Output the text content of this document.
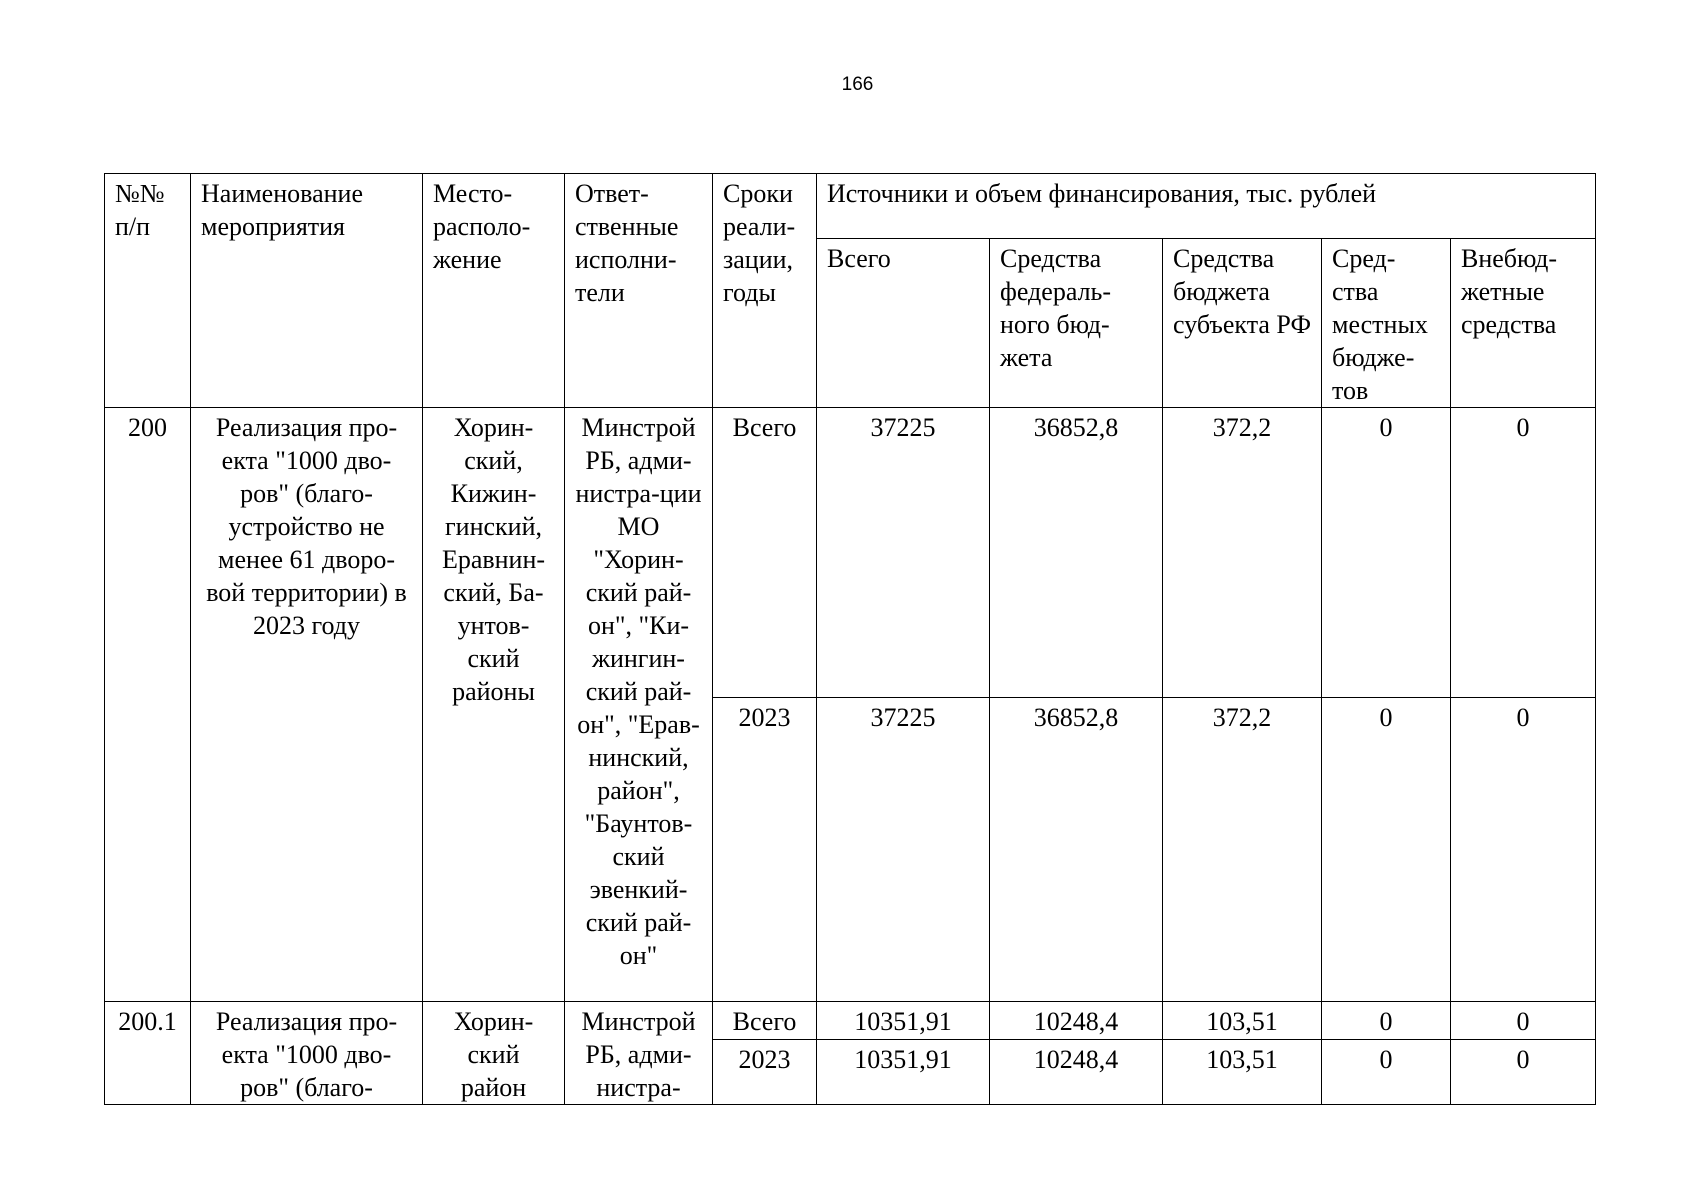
166
№№ п/п	Наименование мероприятия	Место-располо-жение	Ответ-ственные исполни-тели	Сроки реали-зации, годы	Источники и объем финансирования, тыс. рублей				
					Всего	Средства федераль-ного бюд-жета	Средства бюджета субъекта РФ	Сред-ства местных бюдже-тов	Внебюд-жетные средства
200	Реализация про-екта "1000 дво-ров" (благо-устройство не менее 61 дворо-вой территории) в 2023 году	Хорин-ский, Кижин-гинский, Еравнин-ский, Ба-унтов-ский районы	Минстрой РБ, адми-нистра-ции МО "Хорин-ский рай-он", "Ки-жингин-ский рай-он", "Ерав-нинский, район", "Баунтов-ский эвенкий-ский рай-он"	Всего	37225	36852,8	372,2	0	0
				2023	37225	36852,8	372,2	0	0
200.1	Реализация про-екта "1000 дво-ров" (благо-	Хорин-ский район	Минстрой РБ, адми-нистра-	Всего	10351,91	10248,4	103,51	0	0
				2023	10351,91	10248,4	103,51	0	0
